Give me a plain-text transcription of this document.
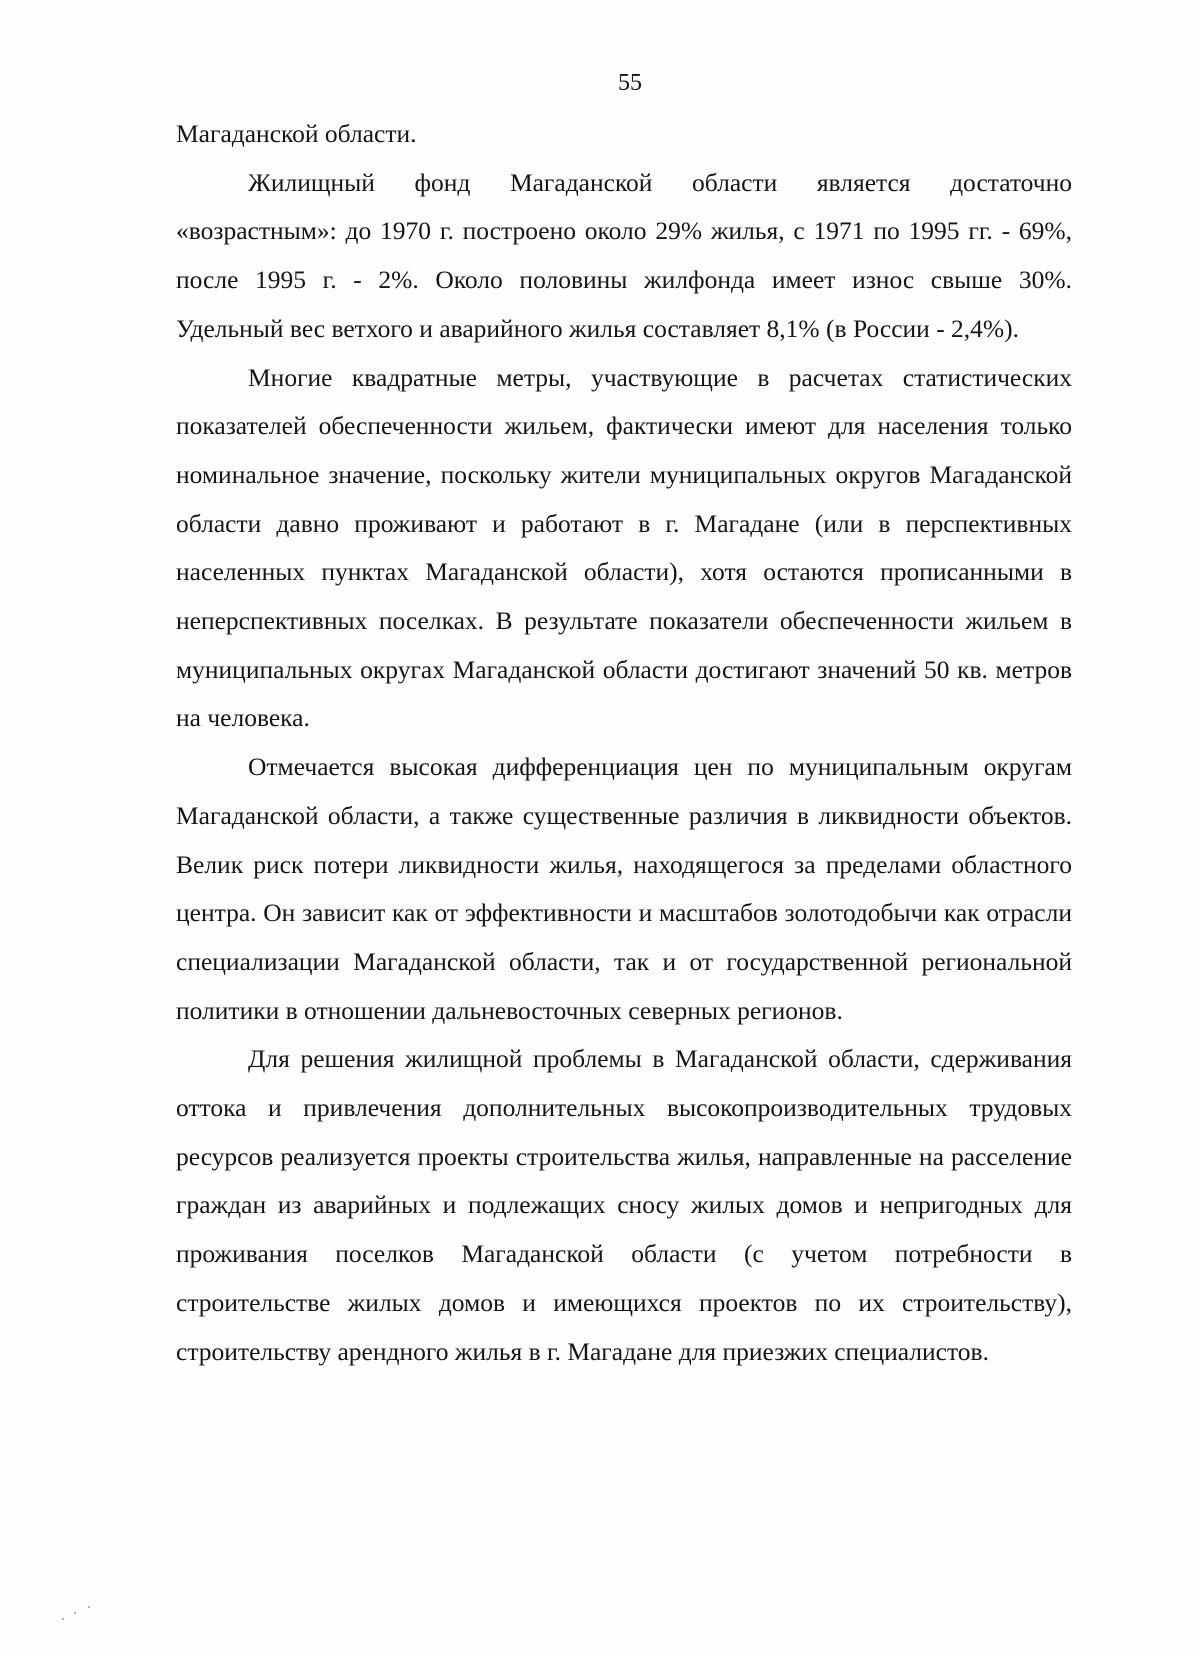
55

Магаданской области.

Жилищный фонд Магаданской области является достаточно «возрастным»: до 1970 г. построено около 29% жилья, с 1971 по 1995 гг. - 69%, после 1995 г. - 2%. Около половины жилфонда имеет износ свыше 30%. Удельный вес ветхого и аварийного жилья составляет 8,1% (в России - 2,4%).

Многие квадратные метры, участвующие в расчетах статистических показателей обеспеченности жильем, фактически имеют для населения только номинальное значение, поскольку жители муниципальных округов Магаданской области давно проживают и работают в г. Магадане (или в перспективных населенных пунктах Магаданской области), хотя остаются прописанными в неперспективных поселках. В результате показатели обеспеченности жильем в муниципальных округах Магаданской области достигают значений 50 кв. метров на человека.

Отмечается высокая дифференциация цен по муниципальным округам Магаданской области, а также существенные различия в ликвидности объектов. Велик риск потери ликвидности жилья, находящегося за пределами областного центра. Он зависит как от эффективности и масштабов золотодобычи как отрасли специализации Магаданской области, так и от государственной региональной политики в отношении дальневосточных северных регионов.

Для решения жилищной проблемы в Магаданской области, сдерживания оттока и привлечения дополнительных высокопроизводительных трудовых ресурсов реализуется проекты строительства жилья, направленные на расселение граждан из аварийных и подлежащих сносу жилых домов и непригодных для проживания поселков Магаданской области (с учетом потребности в строительстве жилых домов и имеющихся проектов по их строительству), строительству арендного жилья в г. Магадане для приезжих специалистов.
